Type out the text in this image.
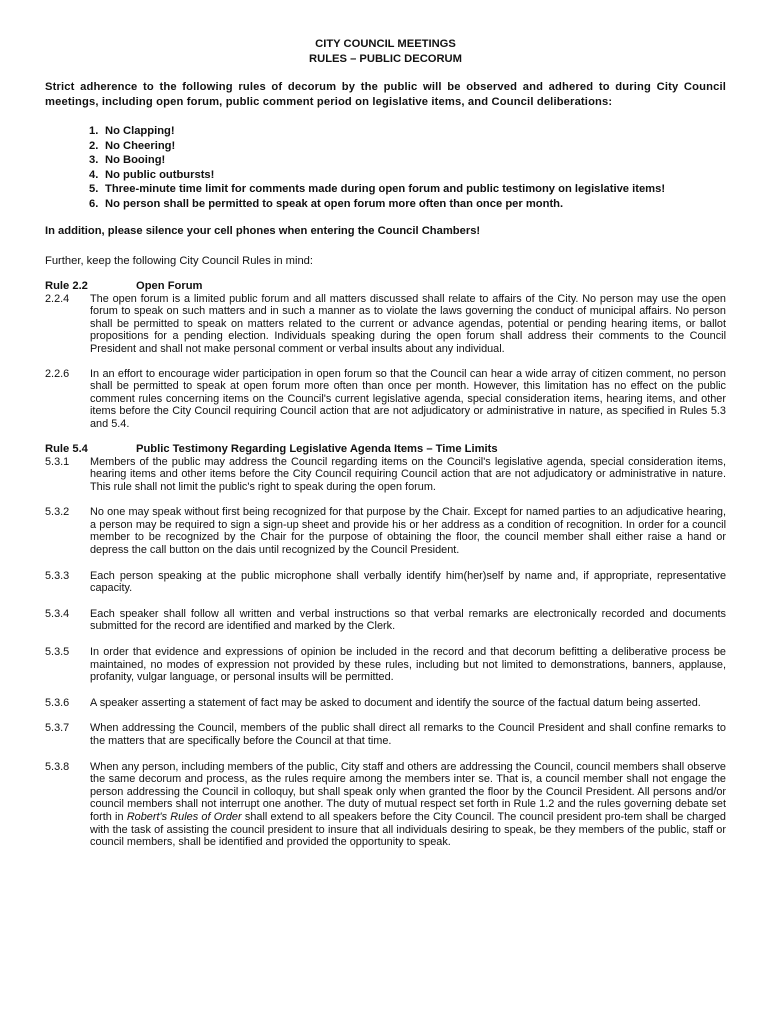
CITY COUNCIL MEETINGS
RULES – PUBLIC DECORUM
Strict adherence to the following rules of decorum by the public will be observed and adhered to during City Council meetings, including open forum, public comment period on legislative items, and Council deliberations:
1. No Clapping!
2. No Cheering!
3. No Booing!
4. No public outbursts!
5. Three-minute time limit for comments made during open forum and public testimony on legislative items!
6. No person shall be permitted to speak at open forum more often than once per month.
In addition, please silence your cell phones when entering the Council Chambers!
Further, keep the following City Council Rules in mind:
Rule 2.2	Open Forum
2.2.4	The open forum is a limited public forum and all matters discussed shall relate to affairs of the City. No person may use the open forum to speak on such matters and in such a manner as to violate the laws governing the conduct of municipal affairs. No person shall be permitted to speak on matters related to the current or advance agendas, potential or pending hearing items, or ballot propositions for a pending election. Individuals speaking during the open forum shall address their comments to the Council President and shall not make personal comment or verbal insults about any individual.
2.2.6	In an effort to encourage wider participation in open forum so that the Council can hear a wide array of citizen comment, no person shall be permitted to speak at open forum more often than once per month. However, this limitation has no effect on the public comment rules concerning items on the Council's current legislative agenda, special consideration items, hearing items, and other items before the City Council requiring Council action that are not adjudicatory or administrative in nature, as specified in Rules 5.3 and 5.4.
Rule 5.4	Public Testimony Regarding Legislative Agenda Items – Time Limits
5.3.1	Members of the public may address the Council regarding items on the Council's legislative agenda, special consideration items, hearing items and other items before the City Council requiring Council action that are not adjudicatory or administrative in nature. This rule shall not limit the public's right to speak during the open forum.
5.3.2	No one may speak without first being recognized for that purpose by the Chair. Except for named parties to an adjudicative hearing, a person may be required to sign a sign-up sheet and provide his or her address as a condition of recognition. In order for a council member to be recognized by the Chair for the purpose of obtaining the floor, the council member shall either raise a hand or depress the call button on the dais until recognized by the Council President.
5.3.3	Each person speaking at the public microphone shall verbally identify him(her)self by name and, if appropriate, representative capacity.
5.3.4	Each speaker shall follow all written and verbal instructions so that verbal remarks are electronically recorded and documents submitted for the record are identified and marked by the Clerk.
5.3.5	In order that evidence and expressions of opinion be included in the record and that decorum befitting a deliberative process be maintained, no modes of expression not provided by these rules, including but not limited to demonstrations, banners, applause, profanity, vulgar language, or personal insults will be permitted.
5.3.6	A speaker asserting a statement of fact may be asked to document and identify the source of the factual datum being asserted.
5.3.7	When addressing the Council, members of the public shall direct all remarks to the Council President and shall confine remarks to the matters that are specifically before the Council at that time.
5.3.8	When any person, including members of the public, City staff and others are addressing the Council, council members shall observe the same decorum and process, as the rules require among the members inter se. That is, a council member shall not engage the person addressing the Council in colloquy, but shall speak only when granted the floor by the Council President. All persons and/or council members shall not interrupt one another. The duty of mutual respect set forth in Rule 1.2 and the rules governing debate set forth in Robert's Rules of Order shall extend to all speakers before the City Council. The council president pro-tem shall be charged with the task of assisting the council president to insure that all individuals desiring to speak, be they members of the public, staff or council members, shall be identified and provided the opportunity to speak.
